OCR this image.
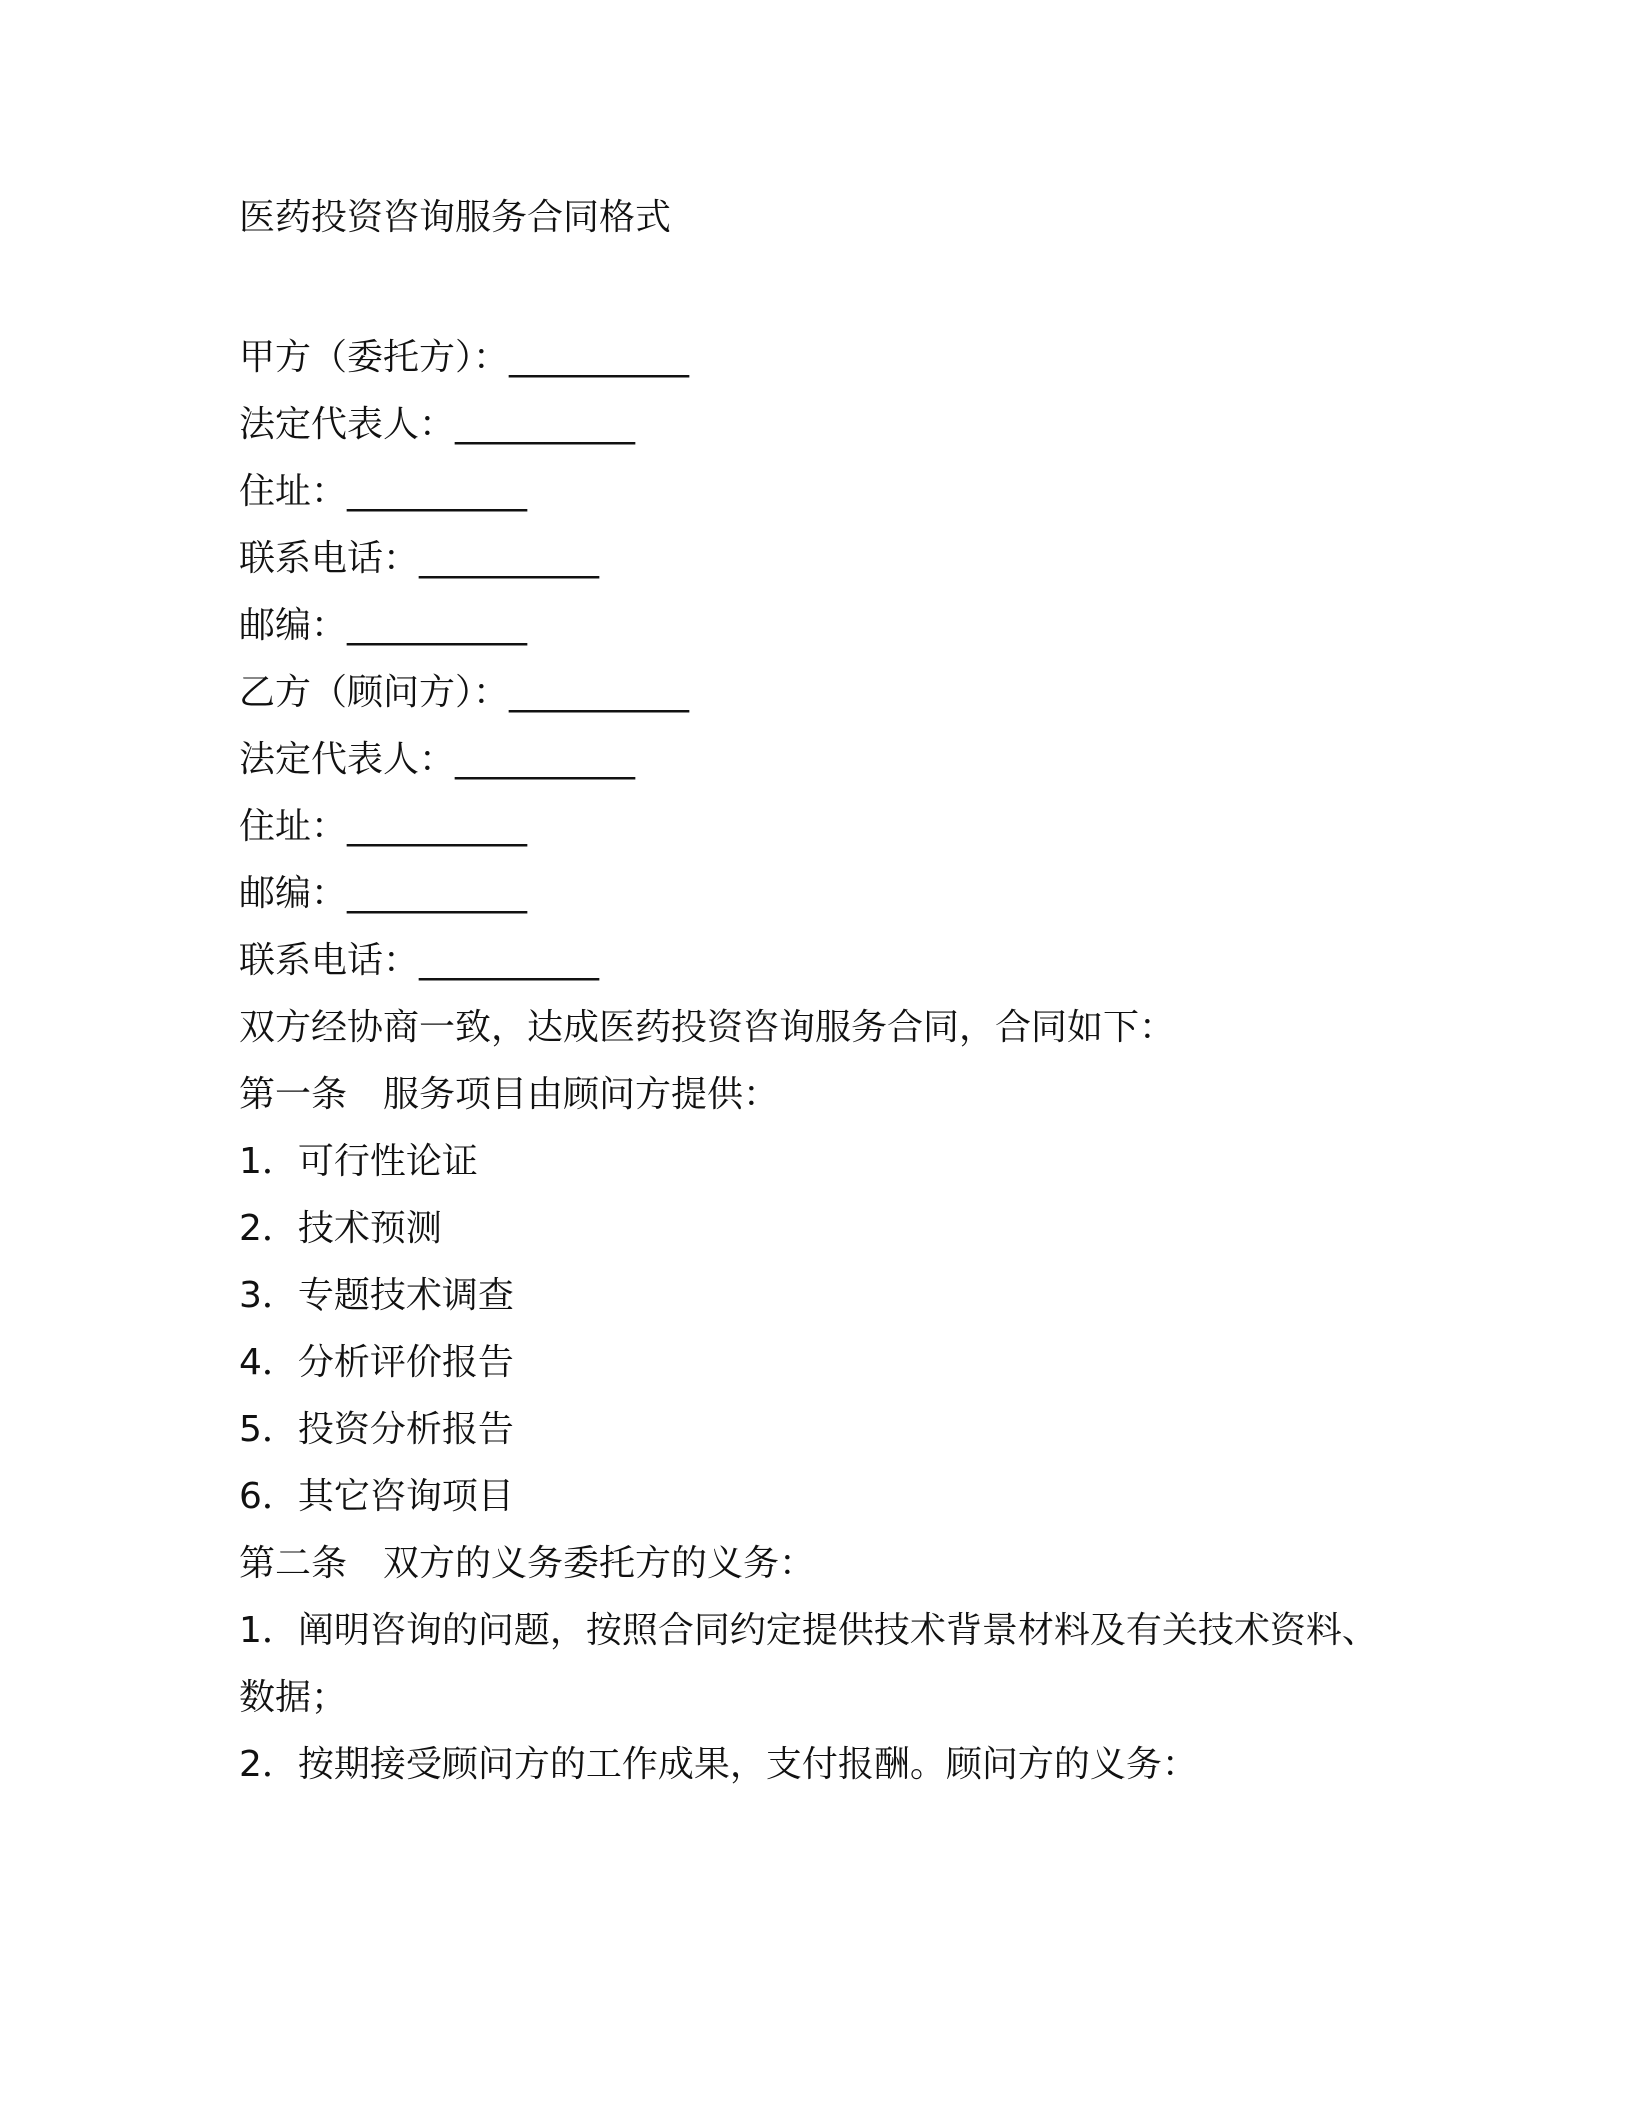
医药投资咨询服务合同格式
甲方（委托方）：__________
法定代表人：__________
住址：__________
联系电话：__________
邮编：__________
乙方（顾问方）：__________
法定代表人：__________
住址：__________
邮编：__________
联系电话：__________
双方经协商一致，达成医药投资咨询服务合同，合同如下：
第一条　服务项目由顾问方提供：
1．可行性论证
2．技术预测
3．专题技术调查
4．分析评价报告
5．投资分析报告
6．其它咨询项目
第二条　双方的义务委托方的义务：
1．阐明咨询的问题，按照合同约定提供技术背景材料及有关技术资料、
数据；
2．按期接受顾问方的工作成果，支付报酬。顾问方的义务：
